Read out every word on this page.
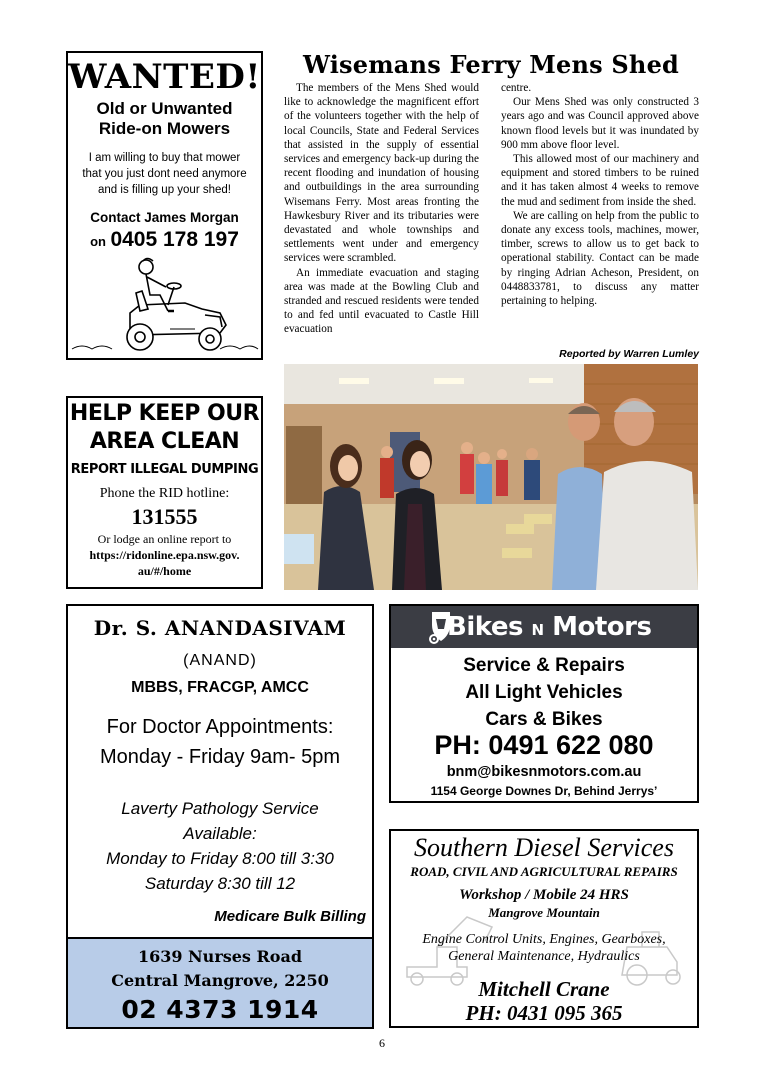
WANTED!
Old or Unwanted
Ride-on Mowers
I am willing to buy that mower
that you just dont need anymore
and is filling up your shed!
Contact James Morgan
on 0405 178 197
Wisemans Ferry Mens Shed

The members of the Mens Shed would like to acknowledge the magnificent effort of the volunteers together with the help of local Councils, State and Federal Services that assisted in the supply of essential services and emergency back-up during the recent flooding and inundation of housing and outbuildings in the area surrounding Wisemans Ferry. Most areas fronting the Hawkesbury River and its tributaries were devastated and whole townships and settlements went under and emergency services were scrambled.

An immediate evacuation and staging area was made at the Bowling Club and stranded and rescued residents were tended to and fed until evacuated to Castle Hill evacuation

centre.

Our Mens Shed was only constructed 3 years ago and was Council approved above known flood levels but it was inundated by 900 mm above floor level.

This allowed most of our machinery and equipment and stored timbers to be ruined and it has taken almost 4 weeks to remove the mud and sediment from inside the shed.

We are calling on help from the public to donate any excess tools, machines, mower, timber, screws to allow us to get back to operational stability. Contact can be made by ringing Adrian Acheson, President, on 0448833781, to discuss any matter pertaining to helping.

Reported by Warren Lumley
HELP KEEP OUR
AREA CLEAN
REPORT ILLEGAL DUMPING
Phone the RID hotline:
131555
Or lodge an online report to
https://ridonline.epa.nsw.gov.
au/#/home
Dr. S. ANANDASIVAM
(ANAND)
MBBS, FRACGP, AMCC
For Doctor Appointments:
Monday - Friday 9am- 5pm
Laverty Pathology Service
Available:
Monday to Friday 8:00 till 3:30
Saturday 8:30 till 12
Medicare Bulk Billing
1639 Nurses Road
Central Mangrove, 2250
02 4373 1914
Bikes N Motors
Service & Repairs
All Light Vehicles
Cars & Bikes
PH: 0491 622 080
bnm@bikesnmotors.com.au
1154 George Downes Dr, Behind Jerrys’
Southern Diesel Services
ROAD, CIVIL AND AGRICULTURAL REPAIRS
Workshop / Mobile 24 HRS
Mangrove Mountain
Engine Control Units, Engines, Gearboxes,
General Maintenance, Hydraulics
Mitchell Crane
PH: 0431 095 365
6
